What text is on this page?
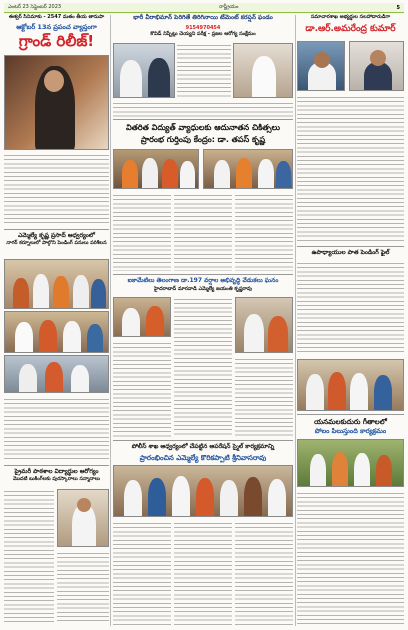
ఎంటర్‌ 23 సెప్టెంబర్ 2023	రాష్ట్రీయం	5
ఈశ్వర్ సినిమాకు - 2547 మతం తీయ తానుపా
ఆక్టోబర్ 13న ప్రపంచ వ్యాప్తంగా
గ్రాండ్ రిలీజ్!
ఎమ్మెల్యే కృష్ణ ప్రసాద్ ఆధ్వర్యంలో
నాగర్ కర్నూలులో పాల్గొని పెండింగ్ పనులు పరిశీలన
ప్రైమరీ పాఠశాల విద్యార్థుల ఆరోగ్యం
మొదటి బుకింగ్‌లకు పురస్కారాలు సన్మానాలు
భారీ వీరాభిమాన్ పెరిగితే తిరిగినాయి టేమెంట్ కరప్షన్ ఫండం
9154970454
కొవిడ్ నిష్పేట్లు చెయ్యని పరీక్ష - ప్రజల ఆరోగ్య సంక్షేమం
వితరిత విద్యుత్ వ్యాధులకు ఆదునాతన చికిత్సలు
ప్రారంభ గుర్తింపు కేంద్రం: డా. తపస్ కృష్ణ
ఐకామేటిలు తెలంగాణ డా.197 వర్షాల అభివృద్ధి వేడుకలు ఘనం
హైదరాబాద్ మారవాడి ఎమ్మెల్యే జయంతి కృష్ణరావు
పోలీస్ శాఖ ఆధ్వర్యంలో చేపట్టిన ఆపరేషన్ స్మైల్ కార్యక్రమాన్ని
ప్రారంభించిన ఎమ్మెల్యే కొరికప్పాటి శ్రీనివాసరావు
సమాచారశాఖ అభ్యర్థుల సలహాదారుడిగా
డా.ఆర్.అమరేంద్ర కుమార్
ఉపాధ్యాయుల పాత పెండింగ్ ఫైల్
యనమలకుదురు గీతాలలో
పోలం పిలుస్తుంది కార్యక్రమం
